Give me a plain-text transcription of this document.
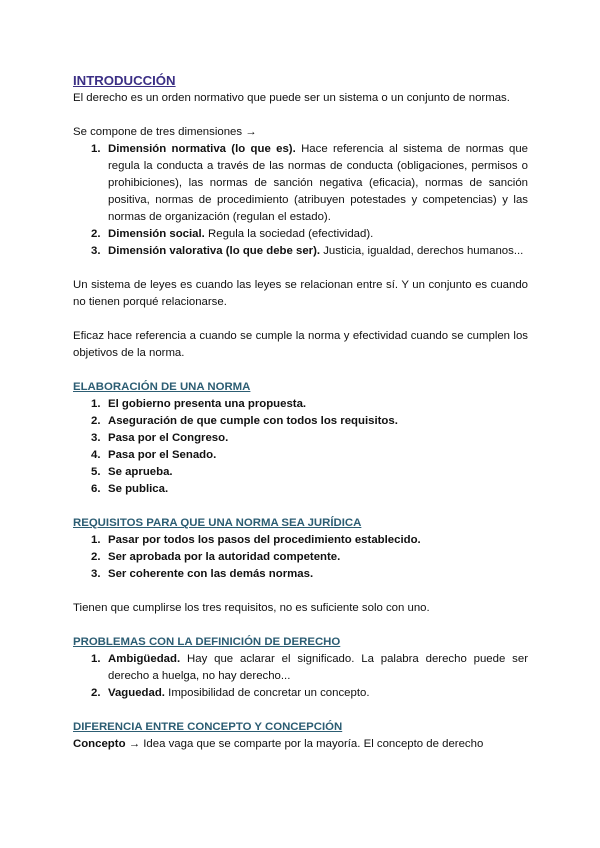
INTRODUCCIÓN

El derecho es un orden normativo que puede ser un sistema o un conjunto de normas.

Se compone de tres dimensiones →

1. Dimensión normativa (lo que es). Hace referencia al sistema de normas que regula la conducta a través de las normas de conducta (obligaciones, permisos o prohibiciones), las normas de sanción negativa (eficacia), normas de sanción positiva, normas de procedimiento (atribuyen potestades y competencias) y las normas de organización (regulan el estado).
2. Dimensión social. Regula la sociedad (efectividad).
3. Dimensión valorativa (lo que debe ser). Justicia, igualdad, derechos humanos...

Un sistema de leyes es cuando las leyes se relacionan entre sí. Y un conjunto es cuando no tienen porqué relacionarse.

Eficaz hace referencia a cuando se cumple la norma y efectividad cuando se cumplen los objetivos de la norma.

ELABORACIÓN DE UNA NORMA
1. El gobierno presenta una propuesta.
2. Aseguración de que cumple con todos los requisitos.
3. Pasa por el Congreso.
4. Pasa por el Senado.
5. Se aprueba.
6. Se publica.
REQUISITOS PARA QUE UNA NORMA SEA JURÍDICA
1. Pasar por todos los pasos del procedimiento establecido.
2. Ser aprobada por la autoridad competente.
3. Ser coherente con las demás normas.

Tienen que cumplirse los tres requisitos, no es suficiente solo con uno.

PROBLEMAS CON LA DEFINICIÓN DE DERECHO
1. Ambigüedad. Hay que aclarar el significado. La palabra derecho puede ser derecho a huelga, no hay derecho...
2. Vaguedad. Imposibilidad de concretar un concepto.
DIFERENCIA ENTRE CONCEPTO Y CONCEPCIÓN

Concepto → Idea vaga que se comparte por la mayoría. El concepto de derecho
